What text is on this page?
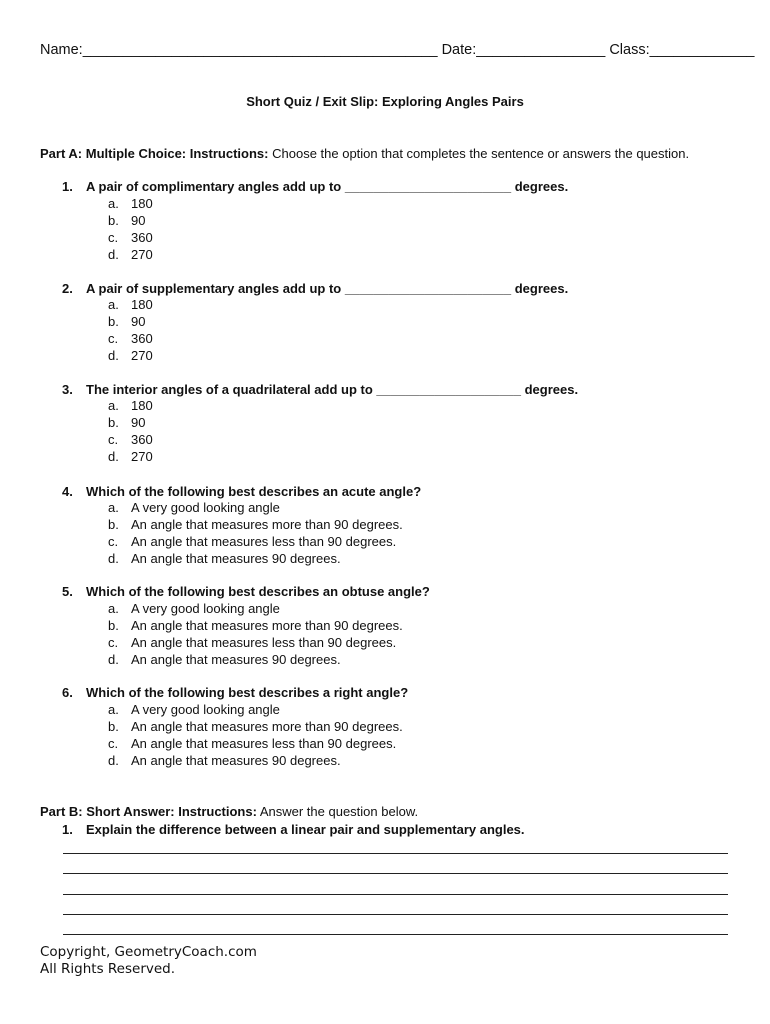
Name:____________________________________________ Date:________________ Class:_____________
Short Quiz / Exit Slip: Exploring Angles Pairs
Part A: Multiple Choice: Instructions: Choose the option that completes the sentence or answers the question.
1. A pair of complimentary angles add up to _______________________ degrees.
a. 180
b. 90
c. 360
d. 270
2. A pair of supplementary angles add up to _______________________ degrees.
a. 180
b. 90
c. 360
d. 270
3. The interior angles of a quadrilateral add up to ____________________ degrees.
a. 180
b. 90
c. 360
d. 270
4. Which of the following best describes an acute angle?
a. A very good looking angle
b. An angle that measures more than 90 degrees.
c. An angle that measures less than 90 degrees.
d. An angle that measures 90 degrees.
5. Which of the following best describes an obtuse angle?
a. A very good looking angle
b. An angle that measures more than 90 degrees.
c. An angle that measures less than 90 degrees.
d. An angle that measures 90 degrees.
6. Which of the following best describes a right angle?
a. A very good looking angle
b. An angle that measures more than 90 degrees.
c. An angle that measures less than 90 degrees.
d. An angle that measures 90 degrees.
Part B: Short Answer: Instructions: Answer the question below.
1. Explain the difference between a linear pair and supplementary angles.
Copyright, GeometryCoach.com
All Rights Reserved.
